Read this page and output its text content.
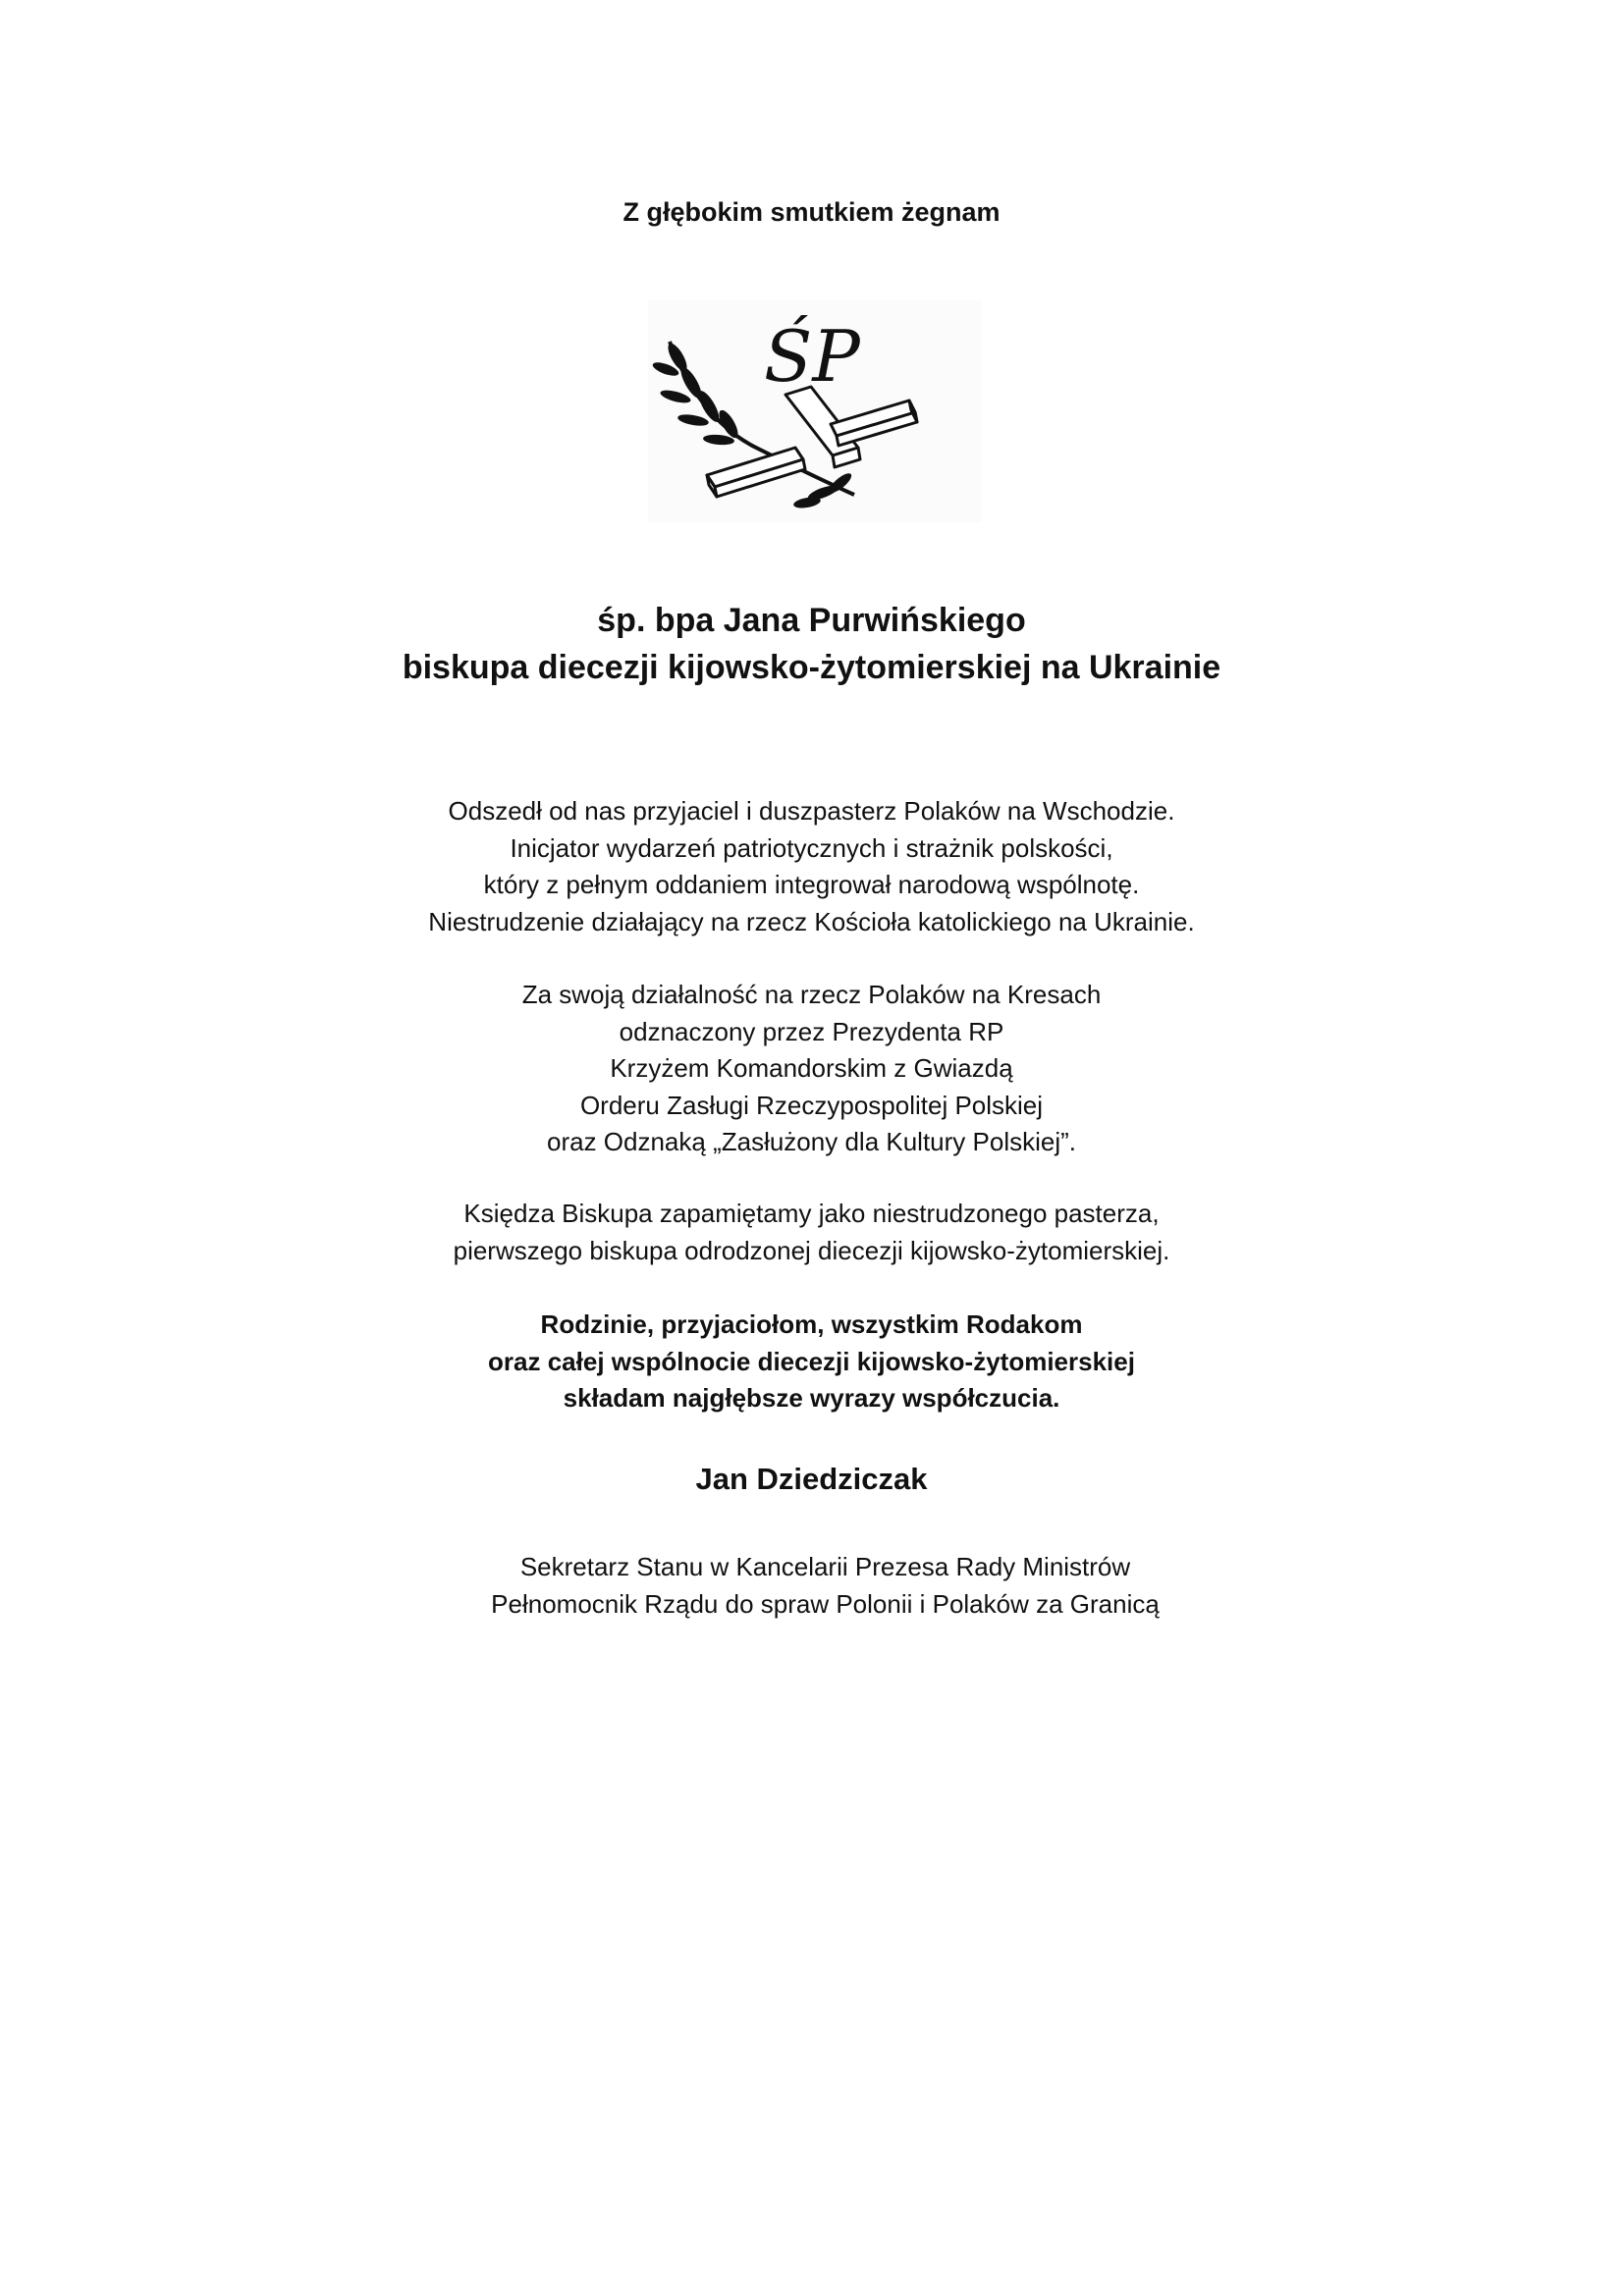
Z głębokim smutkiem żegnam
ŚP
śp. bpa Jana Purwińskiego
biskupa diecezji kijowsko-żytomierskiej na Ukrainie
Odszedł od nas przyjaciel i duszpasterz Polaków na Wschodzie.
Inicjator wydarzeń patriotycznych i strażnik polskości,
który z pełnym oddaniem integrował narodową wspólnotę.
Niestrudzenie działający na rzecz Kościoła katolickiego na Ukrainie.
Za swoją działalność na rzecz Polaków na Kresach
odznaczony przez Prezydenta RP
Krzyżem Komandorskim z Gwiazdą
Orderu Zasługi Rzeczypospolitej Polskiej
oraz Odznaką „Zasłużony dla Kultury Polskiej”.
Księdza Biskupa zapamiętamy jako niestrudzonego pasterza,
pierwszego biskupa odrodzonej diecezji kijowsko-żytomierskiej.
Rodzinie, przyjaciołom, wszystkim Rodakom
oraz całej wspólnocie diecezji kijowsko-żytomierskiej
składam najgłębsze wyrazy współczucia.
Jan Dziedziczak
Sekretarz Stanu w Kancelarii Prezesa Rady Ministrów
Pełnomocnik Rządu do spraw Polonii i Polaków za Granicą
